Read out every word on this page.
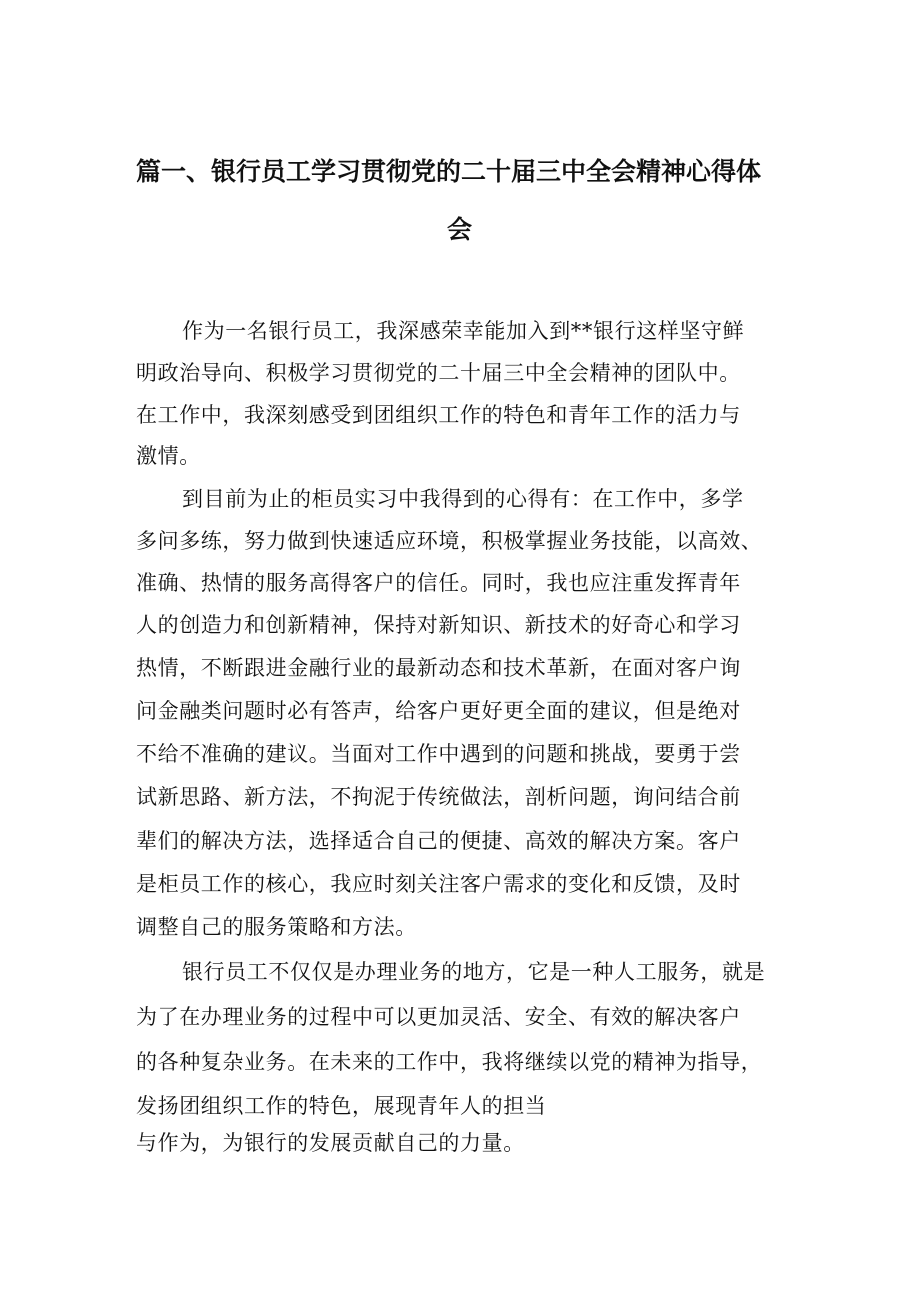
篇一、银行员工学习贯彻党的二十届三中全会精神心得体
会
作为一名银行员工，我深感荣幸能加入到**银行这样坚守鲜
明政治导向、积极学习贯彻党的二十届三中全会精神的团队中。
在工作中，我深刻感受到团组织工作的特色和青年工作的活力与
激情。
到目前为止的柜员实习中我得到的心得有：在工作中，多学
多问多练，努力做到快速适应环境，积极掌握业务技能，以高效、
准确、热情的服务高得客户的信任。同时，我也应注重发挥青年
人的创造力和创新精神，保持对新知识、新技术的好奇心和学习
热情，不断跟进金融行业的最新动态和技术革新，在面对客户询
问金融类问题时必有答声，给客户更好更全面的建议，但是绝对
不给不准确的建议。当面对工作中遇到的问题和挑战，要勇于尝
试新思路、新方法，不拘泥于传统做法，剖析问题，询问结合前
辈们的解决方法，选择适合自己的便捷、高效的解决方案。客户
是柜员工作的核心，我应时刻关注客户需求的变化和反馈，及时
调整自己的服务策略和方法。
银行员工不仅仅是办理业务的地方，它是一种人工服务，就是
为了在办理业务的过程中可以更加灵活、安全、有效的解决客户
的各种复杂业务。在未来的工作中，我将继续以党的精神为指导，
发扬团组织工作的特色，展现青年人的担当
与作为，为银行的发展贡献自己的力量。
